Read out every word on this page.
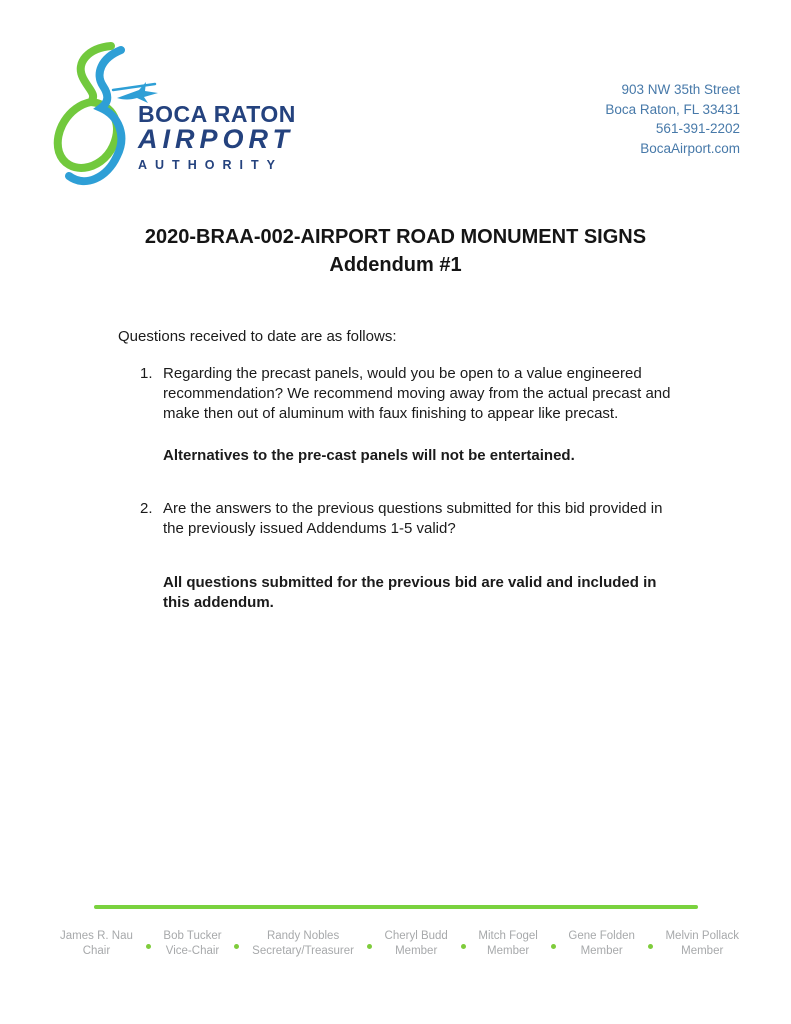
BOCA RATON
AIRPORT
AUTHORITY
903 NW 35th Street
Boca Raton, FL 33431
561-391-2202
BocaAirport.com
2020-BRAA-002-AIRPORT ROAD MONUMENT SIGNS
Addendum #1
Questions received to date are as follows:
1. Regarding the precast panels, would you be open to a value engineered recommendation? We recommend moving away from the actual precast and make then out of aluminum with faux finishing to appear like precast.
Alternatives to the pre-cast panels will not be entertained.
2. Are the answers to the previous questions submitted for this bid provided in the previously issued Addendums 1-5 valid?
All questions submitted for the previous bid are valid and included in this addendum.
James R. Nau
Chair
Bob Tucker
Vice-Chair
Randy Nobles
Secretary/Treasurer
Cheryl Budd
Member
Mitch Fogel
Member
Gene Folden
Member
Melvin Pollack
Member
